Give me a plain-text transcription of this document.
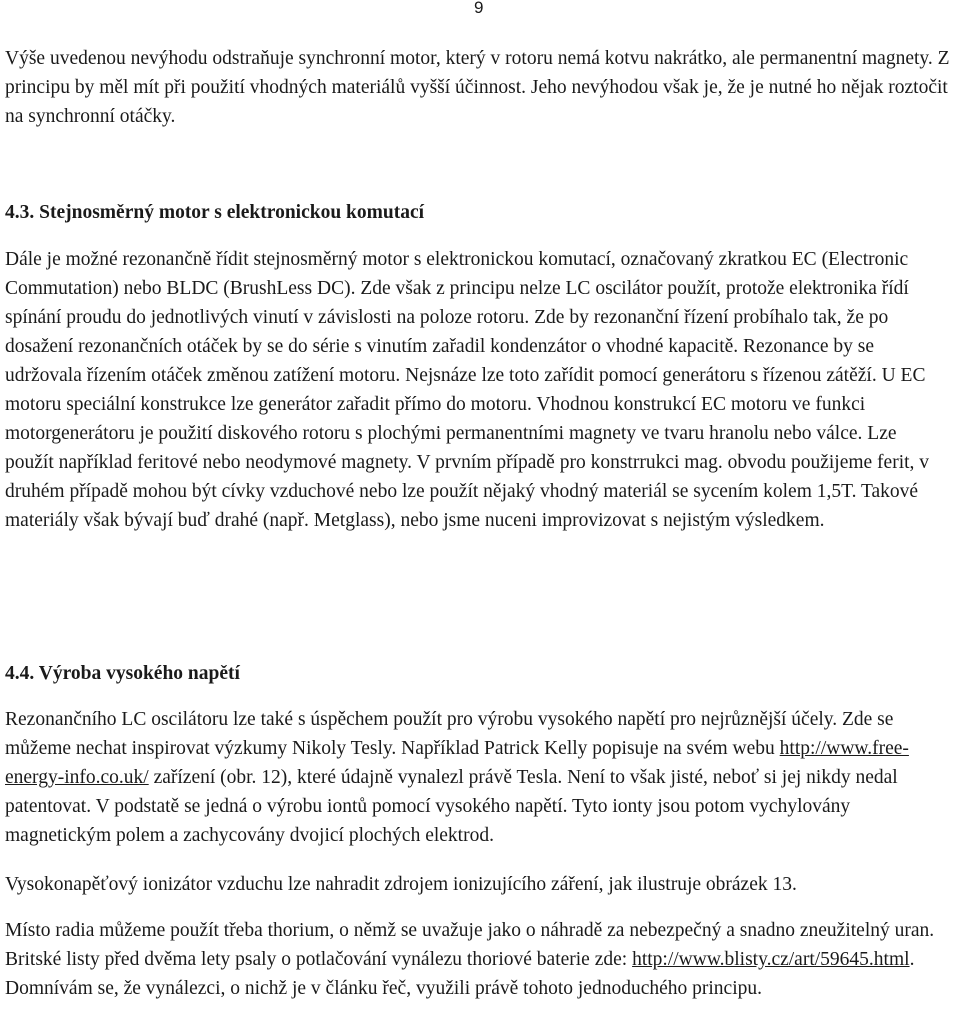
9

Výše uvedenou nevýhodu odstraňuje synchronní motor, který v rotoru nemá kotvu nakrátko, ale permanentní magnety. Z principu by měl mít při použití vhodných materiálů vyšší účinnost. Jeho nevýhodou však je, že je nutné ho nějak roztočit na synchronní otáčky.

4.3. Stejnosměrný motor s elektronickou komutací

Dále je možné rezonančně řídit stejnosměrný motor s elektronickou komutací, označovaný zkratkou EC (Electronic Commutation) nebo BLDC (BrushLess DC). Zde však z principu nelze LC oscilátor použít, protože elektronika řídí spínání proudu do jednotlivých vinutí v závislosti na poloze rotoru. Zde by rezonanční řízení probíhalo tak, že po dosažení rezonančních otáček by se do série s vinutím zařadil kondenzátor o vhodné kapacitě. Rezonance by se udržovala řízením otáček změnou zatížení motoru. Nejsnáze lze toto zařídit pomocí generátoru s řízenou zátěží. U EC motoru speciální konstrukce lze generátor zařadit přímo do motoru. Vhodnou konstrukcí EC motoru ve funkci motorgenerátoru je použití diskového rotoru s plochými permanentními magnety ve tvaru hranolu nebo válce. Lze použít například feritové nebo neodymové magnety. V prvním případě pro konstrrukci mag. obvodu použijeme ferit, v druhém případě mohou být cívky vzduchové nebo lze použít nějaký vhodný materiál se sycením kolem 1,5T. Takové materiály však bývají buď drahé (např. Metglass), nebo jsme nuceni improvizovat s nejistým výsledkem.

4.4. Výroba vysokého napětí

Rezonančního LC oscilátoru lze také s úspěchem použít pro výrobu vysokého napětí pro nejrůznější účely. Zde se můžeme nechat inspirovat výzkumy Nikoly Tesly. Například Patrick Kelly popisuje na svém webu http://www.free-energy-info.co.uk/ zařízení (obr. 12), které údajně vynalezl právě Tesla. Není to však jisté, neboť si jej nikdy nedal patentovat. V podstatě se jedná o výrobu iontů pomocí vysokého napětí. Tyto ionty jsou potom vychylovány magnetickým polem a zachycovány dvojicí plochých elektrod.

Vysokonapěťový ionizátor vzduchu lze nahradit zdrojem ionizujícího záření, jak ilustruje obrázek 13.

Místo radia můžeme použít třeba thorium, o němž se uvažuje jako o náhradě za nebezpečný a snadno zneužitelný uran. Britské listy před dvěma lety psaly o potlačování vynálezu thoriové baterie zde: http://www.blisty.cz/art/59645.html. Domnívám se, že vynálezci, o nichž je v článku řeč, využili právě tohoto jednoduchého principu.
